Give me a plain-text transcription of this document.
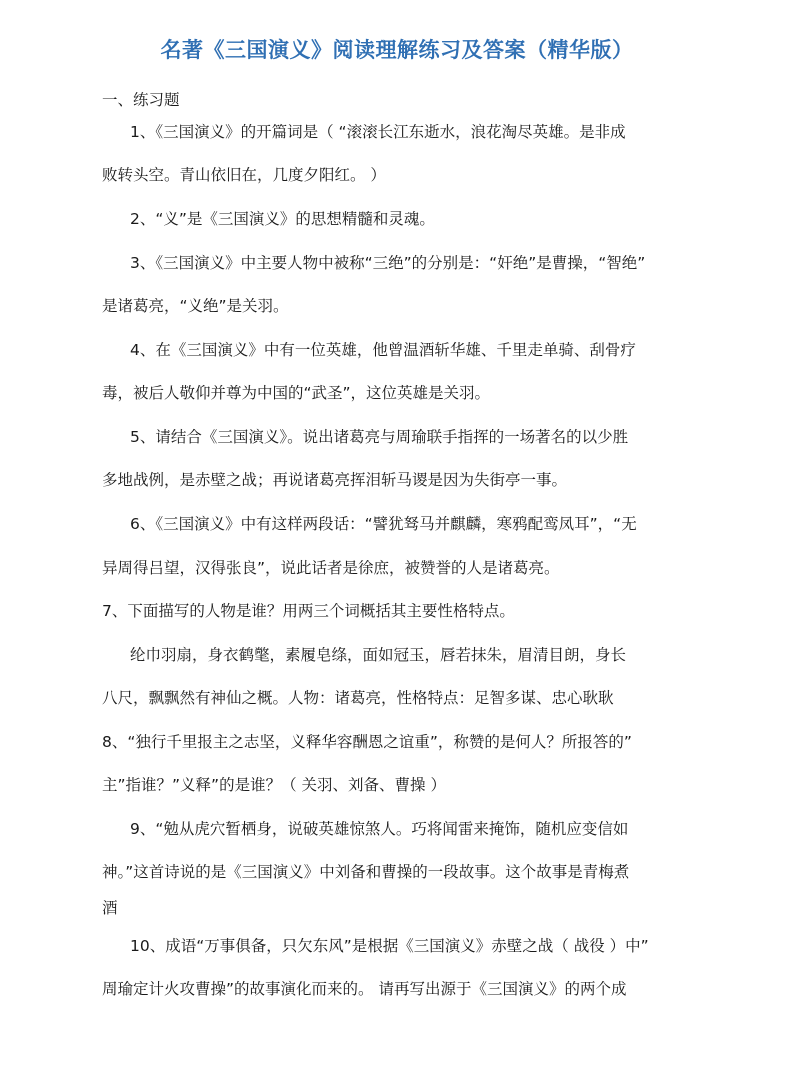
名著《三国演义》阅读理解练习及答案（精华版）
一、练习题
1、《三国演义》的开篇词是（ “滚滚长江东逝水，浪花淘尽英雄。是非成
败转头空。青山依旧在，几度夕阳红。 ）
2、“义”是《三国演义》的思想精髓和灵魂。
3、《三国演义》中主要人物中被称“三绝”的分别是：“奸绝”是曹操，“智绝”
是诸葛亮，“义绝”是关羽。
4、在《三国演义》中有一位英雄，他曾温酒斩华雄、千里走单骑、刮骨疗
毒，被后人敬仰并尊为中国的“武圣”，这位英雄是关羽。
5、请结合《三国演义》。说出诸葛亮与周瑜联手指挥的一场著名的以少胜
多地战例，是赤壁之战；再说诸葛亮挥泪斩马谡是因为失街亭一事。
6、《三国演义》中有这样两段话：“譬犹驽马并麒麟，寒鸦配鸾凤耳”，“无
异周得吕望，汉得张良”，说此话者是徐庶，被赞誉的人是诸葛亮。
7、下面描写的人物是谁？用两三个词概括其主要性格特点。
纶巾羽扇，身衣鹤氅，素履皂绦，面如冠玉，唇若抹朱，眉清目朗，身长
八尺，飘飘然有神仙之概。人物：诸葛亮，性格特点：足智多谋、忠心耿耿
8、“独行千里报主之志坚，义释华容酬恩之谊重”，称赞的是何人？所报答的”
主”指谁？”义释”的是谁？（ 关羽、刘备、曹操 ）
9、“勉从虎穴暂栖身，说破英雄惊煞人。巧将闻雷来掩饰，随机应变信如
神。”这首诗说的是《三国演义》中刘备和曹操的一段故事。这个故事是青梅煮
酒
10、成语“万事俱备，只欠东风”是根据《三国演义》赤壁之战（ 战役 ）中”
周瑜定计火攻曹操”的故事演化而来的。 请再写出源于《三国演义》的两个成
